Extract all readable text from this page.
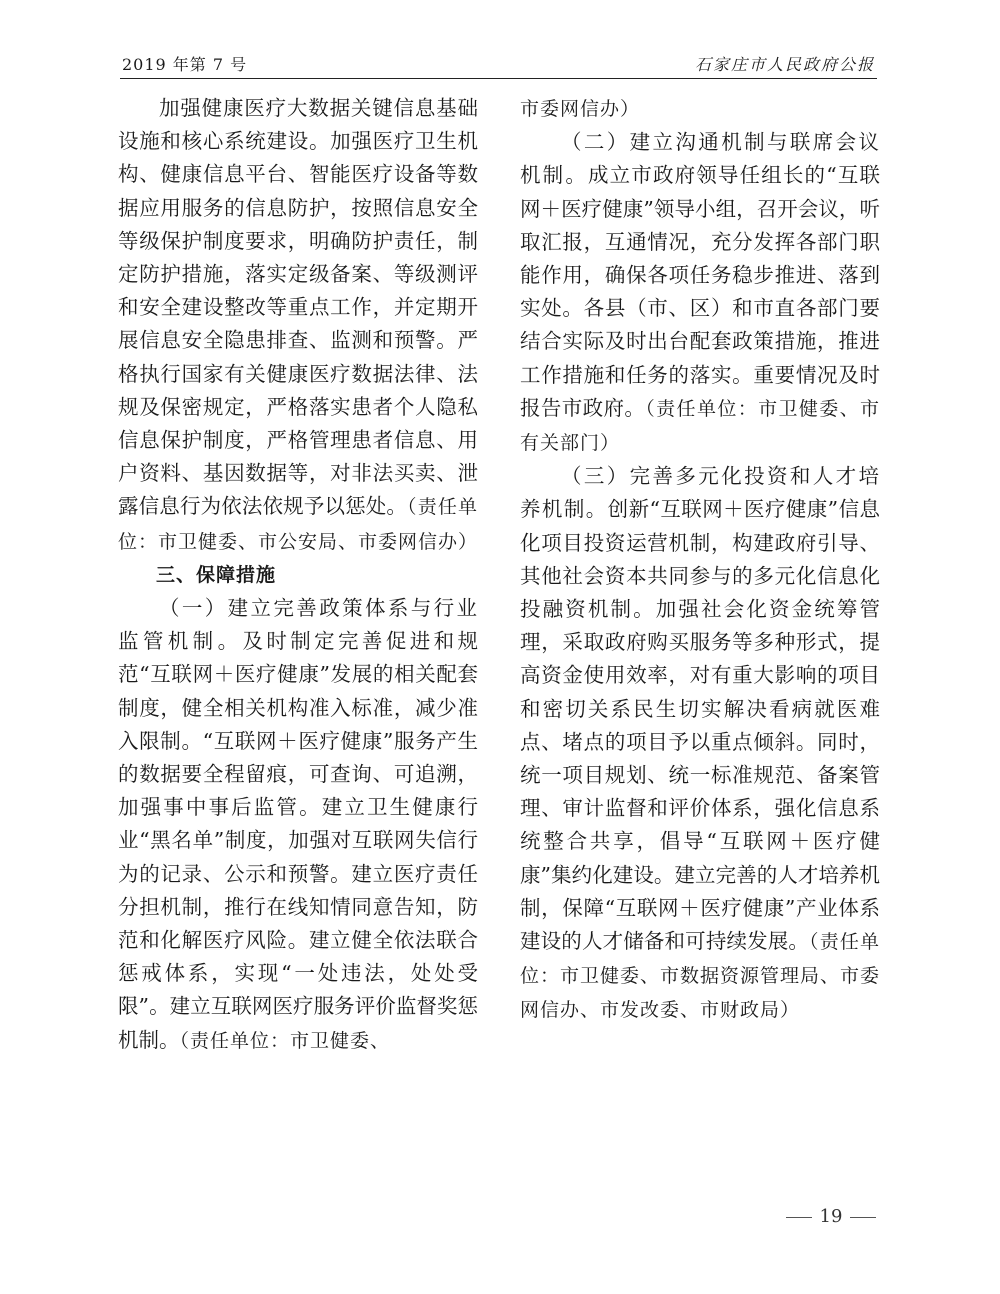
2019 年第 7 号	石家庄市人民政府公报

加强健康医疗大数据关键信息基础设施和核心系统建设。加强医疗卫生机构、健康信息平台、智能医疗设备等数据应用服务的信息防护，按照信息安全等级保护制度要求，明确防护责任，制定防护措施，落实定级备案、等级测评和安全建设整改等重点工作，并定期开展信息安全隐患排查、监测和预警。严格执行国家有关健康医疗数据法律、法规及保密规定，严格落实患者个人隐私信息保护制度，严格管理患者信息、用户资料、基因数据等，对非法买卖、泄露信息行为依法依规予以惩处。（责任单位：市卫健委、市公安局、市委网信办）

三、保障措施

（一）建立完善政策体系与行业监管机制。及时制定完善促进和规范“互联网＋医疗健康”发展的相关配套制度，健全相关机构准入标准，减少准入限制。“互联网＋医疗健康”服务产生的数据要全程留痕，可查询、可追溯，加强事中事后监管。建立卫生健康行业“黑名单”制度，加强对互联网失信行为的记录、公示和预警。建立医疗责任分担机制，推行在线知情同意告知，防范和化解医疗风险。建立健全依法联合惩戒体系，实现“一处违法，处处受限”。建立互联网医疗服务评价监督奖惩机制。（责任单位：市卫健委、

市委网信办）

（二）建立沟通机制与联席会议机制。成立市政府领导任组长的“互联网＋医疗健康”领导小组，召开会议，听取汇报，互通情况，充分发挥各部门职能作用，确保各项任务稳步推进、落到实处。各县（市、区）和市直各部门要结合实际及时出台配套政策措施，推进工作措施和任务的落实。重要情况及时报告市政府。（责任单位：市卫健委、市有关部门）

（三）完善多元化投资和人才培养机制。创新“互联网＋医疗健康”信息化项目投资运营机制，构建政府引导、其他社会资本共同参与的多元化信息化投融资机制。加强社会化资金统筹管理，采取政府购买服务等多种形式，提高资金使用效率，对有重大影响的项目和密切关系民生切实解决看病就医难点、堵点的项目予以重点倾斜。同时，统一项目规划、统一标准规范、备案管理、审计监督和评价体系，强化信息系统整合共享，倡导“互联网＋医疗健康”集约化建设。建立完善的人才培养机制，保障“互联网＋医疗健康”产业体系建设的人才储备和可持续发展。（责任单位：市卫健委、市数据资源管理局、市委网信办、市发改委、市财政局）

19
